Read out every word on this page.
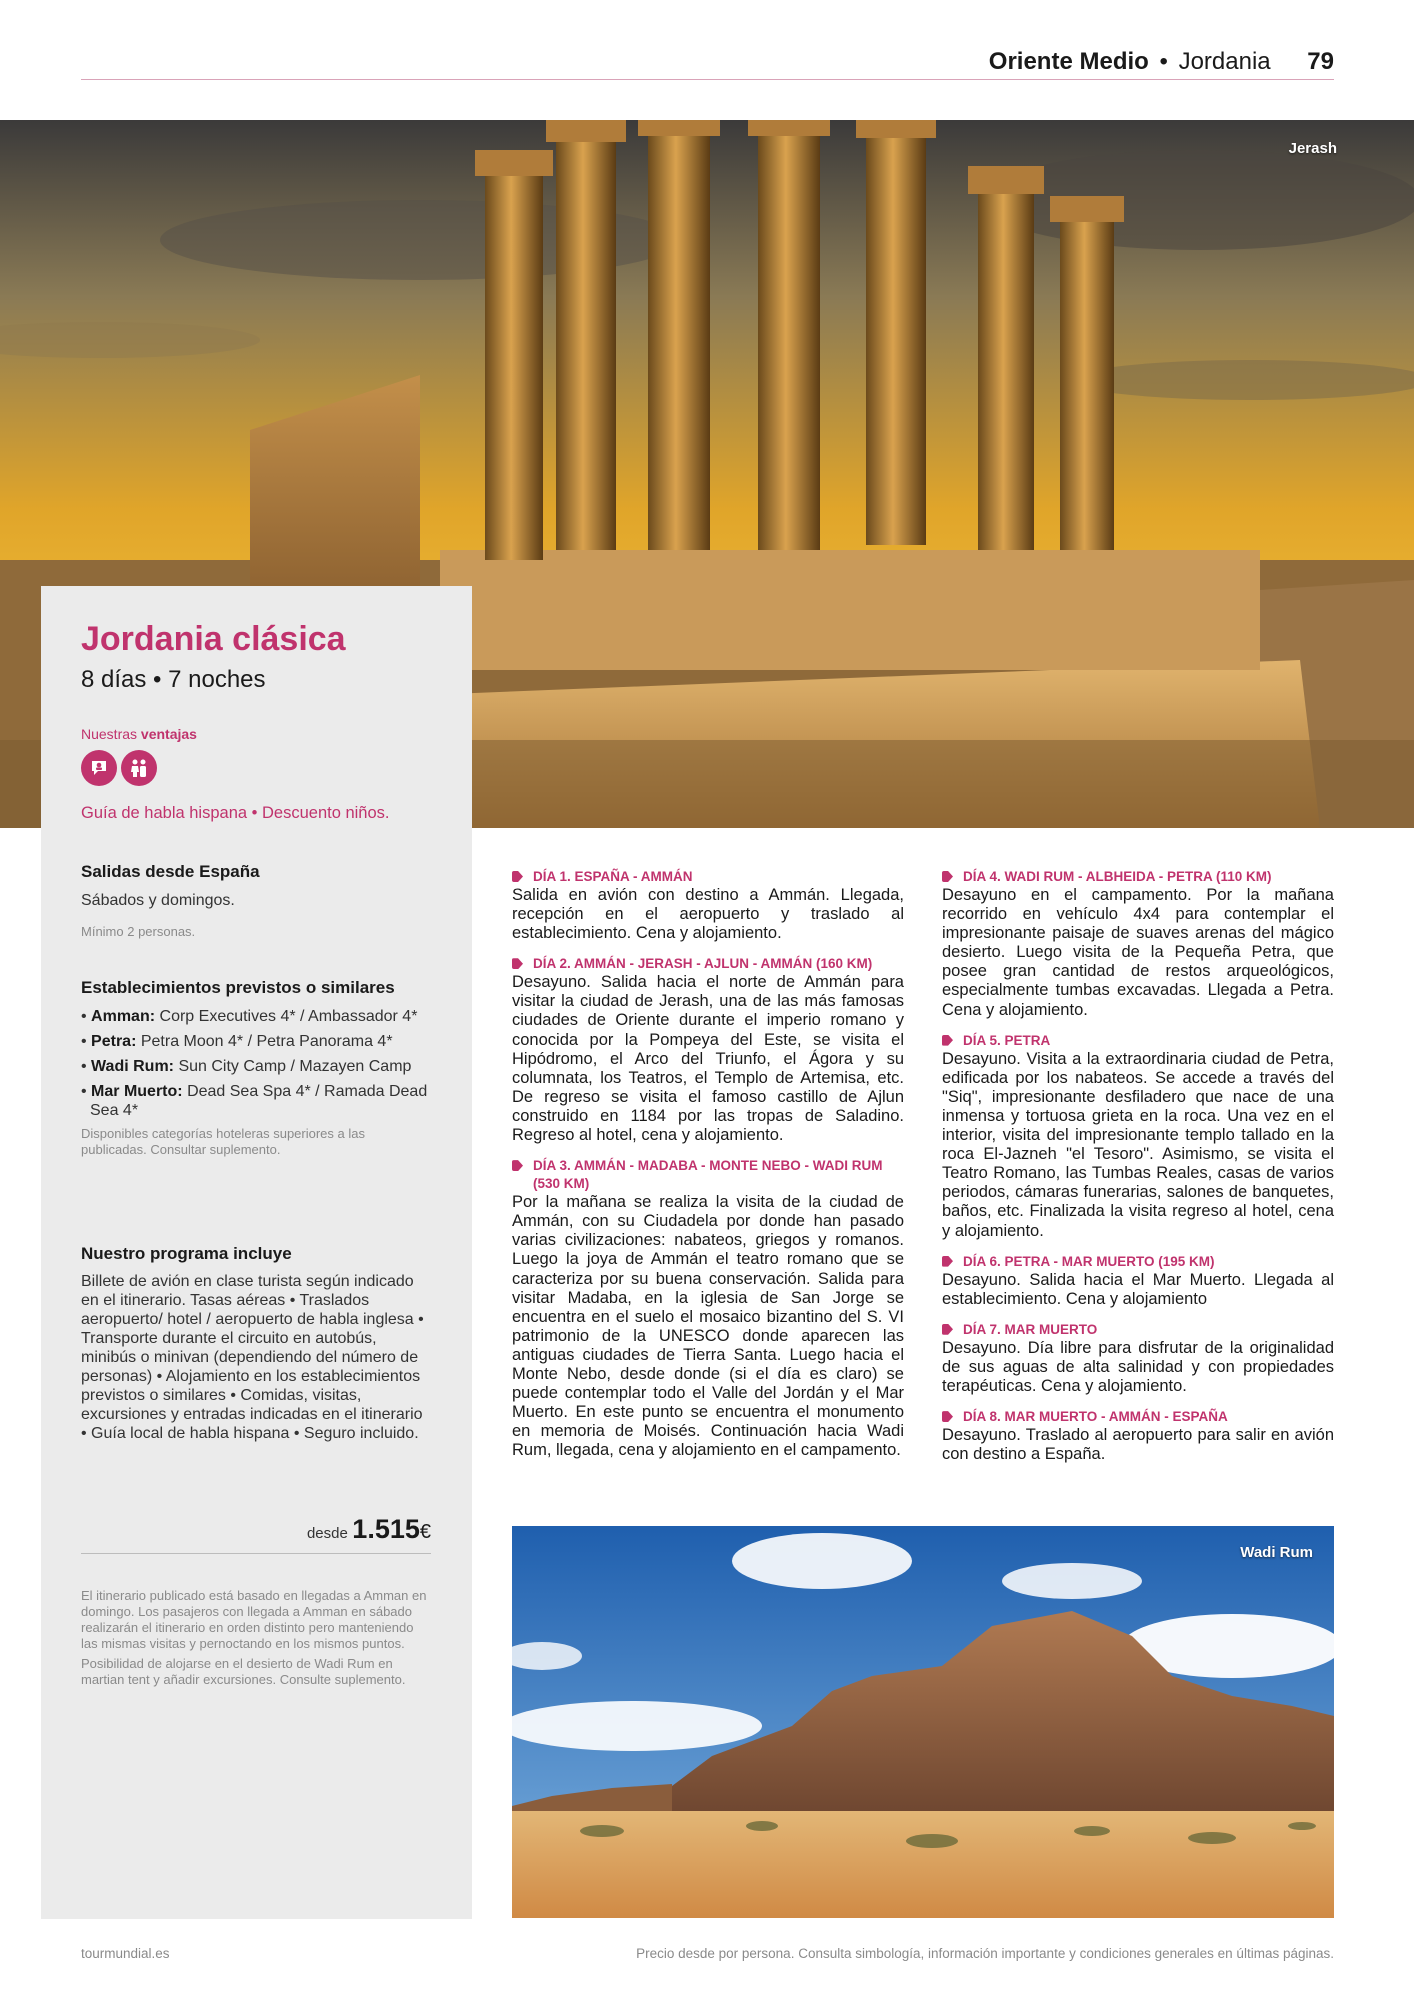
Oriente Medio • Jordania 79
Jerash
Jordania clásica
8 días • 7 noches
Nuestras ventajas
Guía de habla hispana • Descuento niños.
Salidas desde España
Sábados y domingos.
Mínimo 2 personas.
Establecimientos previstos o similares
• Amman: Corp Executives 4* / Ambassador 4*
• Petra: Petra Moon 4* / Petra Panorama 4*
• Wadi Rum: Sun City Camp / Mazayen Camp
• Mar Muerto: Dead Sea Spa 4* / Ramada Dead Sea 4*
Disponibles categorías hoteleras superiores a las publicadas. Consultar suplemento.
Nuestro programa incluye
Billete de avión en clase turista según indicado en el itinerario. Tasas aéreas • Traslados aeropuerto/ hotel / aeropuerto de habla inglesa • Transporte durante el circuito en autobús, minibús o minivan (dependiendo del número de personas) • Alojamiento en los establecimientos previstos o similares • Comidas, visitas, excursiones y entradas indicadas en el itinerario • Guía local de habla hispana • Seguro incluido.
desde 1.515€
El itinerario publicado está basado en llegadas a Amman en domingo. Los pasajeros con llegada a Amman en sábado realizarán el itinerario en orden distinto pero manteniendo las mismas visitas y pernoctando en los mismos puntos.
Posibilidad de alojarse en el desierto de Wadi Rum en martian tent y añadir excursiones. Consulte suplemento.
DÍA 1. ESPAÑA - AMMÁN
Salida en avión con destino a Ammán. Llegada, recepción en el aeropuerto y traslado al establecimiento. Cena y alojamiento.
DÍA 2. AMMÁN - JERASH - AJLUN - AMMÁN (160 KM)
Desayuno. Salida hacia el norte de Ammán para visitar la ciudad de Jerash, una de las más famosas ciudades de Oriente durante el imperio romano y conocida por la Pompeya del Este, se visita el Hipódromo, el Arco del Triunfo, el Ágora y su columnata, los Teatros, el Templo de Artemisa, etc. De regreso se visita el famoso castillo de Ajlun construido en 1184 por las tropas de Saladino. Regreso al hotel, cena y alojamiento.
DÍA 3. AMMÁN - MADABA - MONTE NEBO - WADI RUM (530 KM)
Por la mañana se realiza la visita de la ciudad de Ammán, con su Ciudadela por donde han pasado varias civilizaciones: nabateos, griegos y romanos. Luego la joya de Ammán el teatro romano que se caracteriza por su buena conservación. Salida para visitar Madaba, en la iglesia de San Jorge se encuentra en el suelo el mosaico bizantino del S. VI patrimonio de la UNESCO donde aparecen las antiguas ciudades de Tierra Santa. Luego hacia el Monte Nebo, desde donde (si el día es claro) se puede contemplar todo el Valle del Jordán y el Mar Muerto. En este punto se encuentra el monumento en memoria de Moisés. Continuación hacia Wadi Rum, llegada, cena y alojamiento en el campamento.
DÍA 4. WADI RUM - ALBHEIDA - PETRA (110 KM)
Desayuno en el campamento. Por la mañana recorrido en vehículo 4x4 para contemplar el impresionante paisaje de suaves arenas del mágico desierto. Luego visita de la Pequeña Petra, que posee gran cantidad de restos arqueológicos, especialmente tumbas excavadas. Llegada a Petra. Cena y alojamiento.
DÍA 5. PETRA
Desayuno. Visita a la extraordinaria ciudad de Petra, edificada por los nabateos. Se accede a través del "Siq", impresionante desfiladero que nace de una inmensa y tortuosa grieta en la roca. Una vez en el interior, visita del impresionante templo tallado en la roca El-Jazneh "el Tesoro". Asimismo, se visita el Teatro Romano, las Tumbas Reales, casas de varios periodos, cámaras funerarias, salones de banquetes, baños, etc. Finalizada la visita regreso al hotel, cena y alojamiento.
DÍA 6. PETRA - MAR MUERTO (195 KM)
Desayuno. Salida hacia el Mar Muerto. Llegada al establecimiento. Cena y alojamiento
DÍA 7. MAR MUERTO
Desayuno. Día libre para disfrutar de la originalidad de sus aguas de alta salinidad y con propiedades terapéuticas. Cena y alojamiento.
DÍA 8. MAR MUERTO - AMMÁN - ESPAÑA
Desayuno. Traslado al aeropuerto para salir en avión con destino a España.
Wadi Rum
tourmundial.es	Precio desde por persona. Consulta simbología, información importante y condiciones generales en últimas páginas.
